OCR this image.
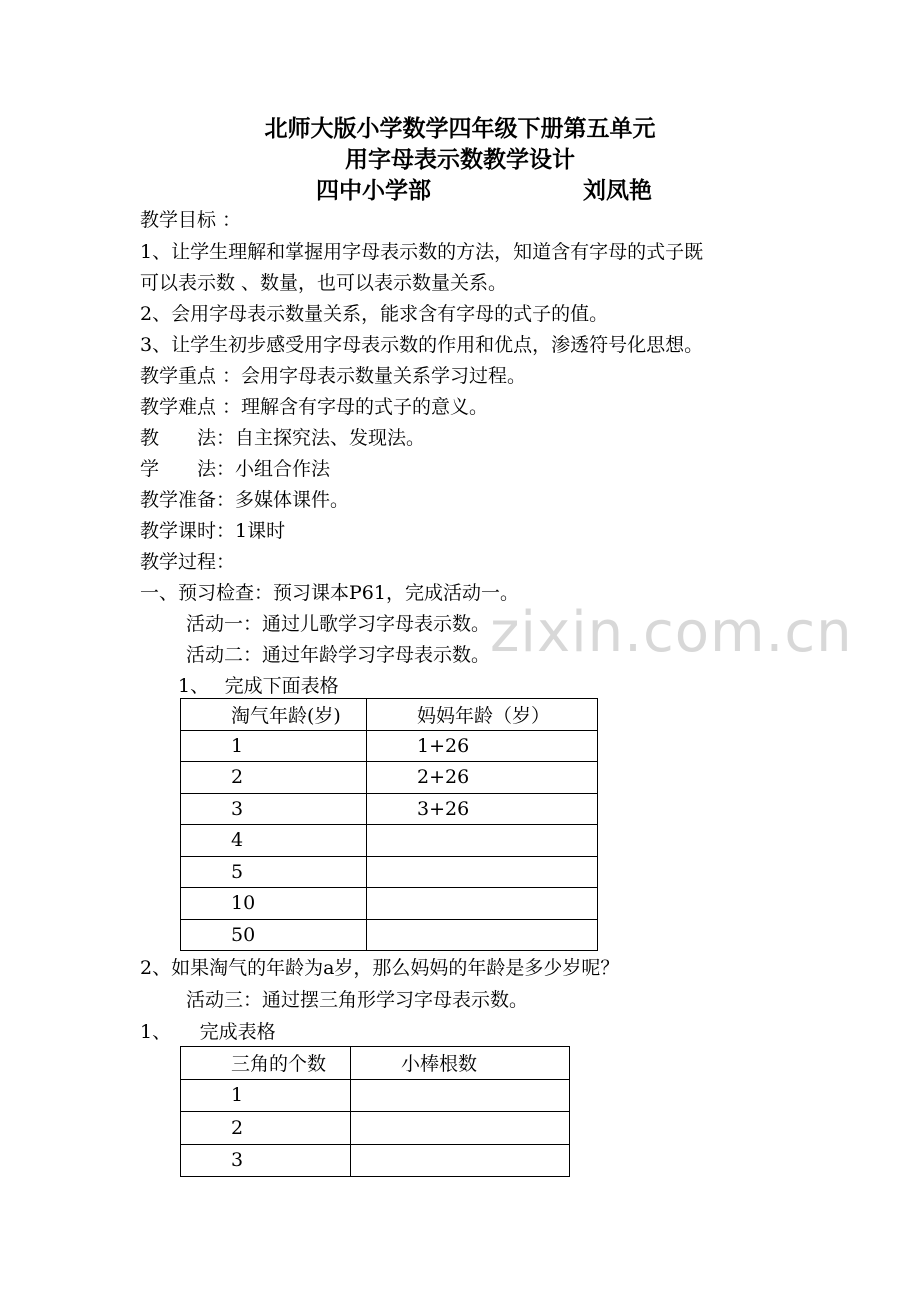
北师大版小学数学四年级下册第五单元
用字母表示数教学设计
四中小学部	刘凤艳
教学目标 ：
1、让学生理解和掌握用字母表示数的方法，知道含有字母的式子既
可以表示数 、数量，也可以表示数量关系。
2、会用字母表示数量关系，能求含有字母的式子的值。
3、让学生初步感受用字母表示数的作用和优点，渗透符号化思想。
教学重点 ：会用字母表示数量关系学习过程。
教学难点 ：理解含有字母的式子的意义。
教　　法：自主探究法、发现法。
学　　法：小组合作法
教学准备：多媒体课件。
教学课时：1课时
教学过程：
一、预习检查：预习课本P61，完成活动一。
活动一：通过儿歌学习字母表示数。
活动二：通过年龄学习字母表示数。
1、　 完成下面表格
zixin.com.cn
淘气年龄(岁)	妈妈年龄（岁）
1	1+26
2	2+26
3	3+26
4	
5	
10	
50	
2、如果淘气的年龄为a岁，那么妈妈的年龄是多少岁呢？
活动三：通过摆三角形学习字母表示数。
1、　　完成表格
三角的个数	小棒根数
1	
2	
3	
